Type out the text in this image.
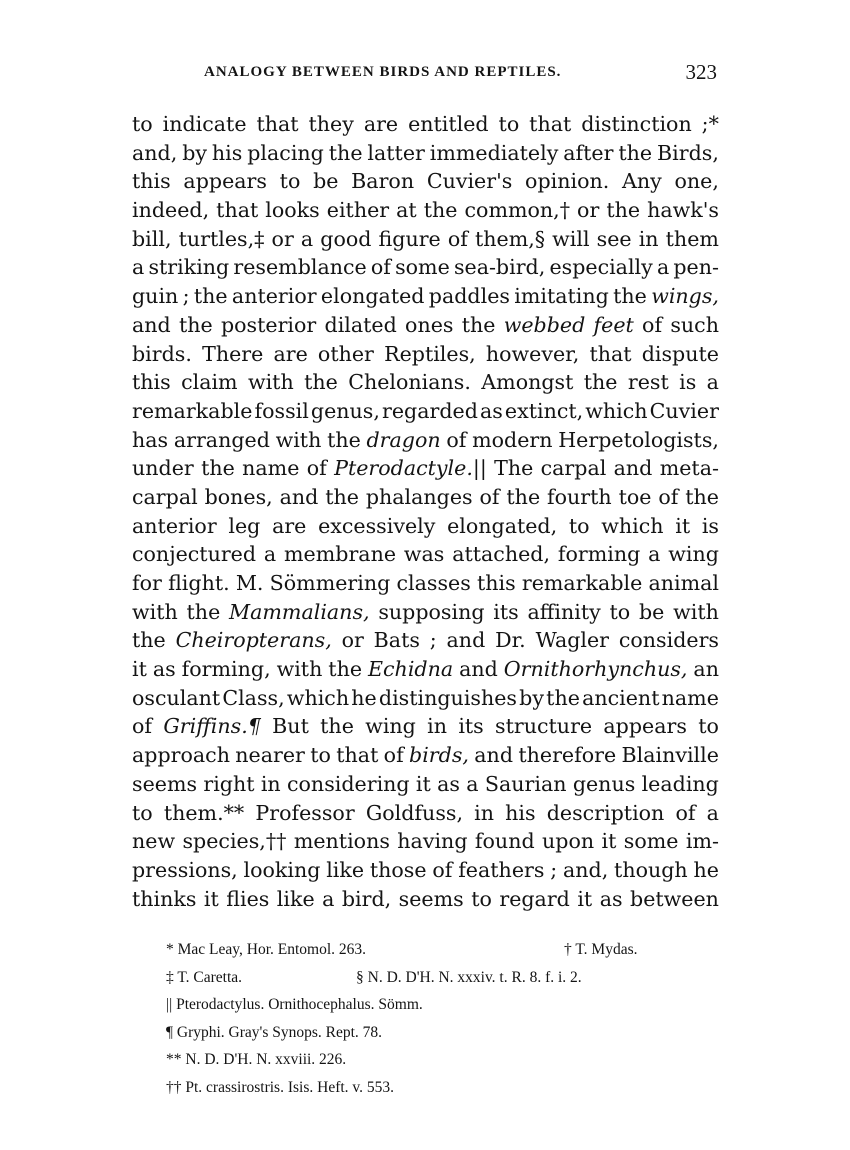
ANALOGY BETWEEN BIRDS AND REPTILES.	323
to indicate that they are entitled to that distinction ;*
and, by his placing the latter immediately after the Birds,
this appears to be Baron Cuvier's opinion. Any one,
indeed, that looks either at the common,† or the hawk's
bill, turtles,‡ or a good figure of them,§ will see in them
a striking resemblance of some sea-bird, especially a pen-
guin ; the anterior elongated paddles imitating the wings,
and the posterior dilated ones the webbed feet of such
birds. There are other Reptiles, however, that dispute
this claim with the Chelonians. Amongst the rest is a
remarkable fossil genus, regarded as extinct, which Cuvier
has arranged with the dragon of modern Herpetologists,
under the name of Pterodactyle.|| The carpal and meta-
carpal bones, and the phalanges of the fourth toe of the
anterior leg are excessively elongated, to which it is
conjectured a membrane was attached, forming a wing
for flight. M. Sömmering classes this remarkable animal
with the Mammalians, supposing its affinity to be with
the Cheiropterans, or Bats ; and Dr. Wagler considers
it as forming, with the Echidna and Ornithorhynchus, an
osculant Class, which he distinguishes by the ancient name
of Griffins.¶ But the wing in its structure appears to
approach nearer to that of birds, and therefore Blainville
seems right in considering it as a Saurian genus leading
to them.** Professor Goldfuss, in his description of a
new species,†† mentions having found upon it some im-
pressions, looking like those of feathers ; and, though he
thinks it flies like a bird, seems to regard it as between
* Mac Leay, Hor. Entomol. 263.	† T. Mydas.
‡ T. Caretta.	§ N. D. D'H. N. xxxiv. t. R. 8. f. i. 2.
|| Pterodactylus. Ornithocephalus. Sömm.
¶ Gryphi. Gray's Synops. Rept. 78.
** N. D. D'H. N. xxviii. 226.
†† Pt. crassirostris. Isis. Heft. v. 553.
